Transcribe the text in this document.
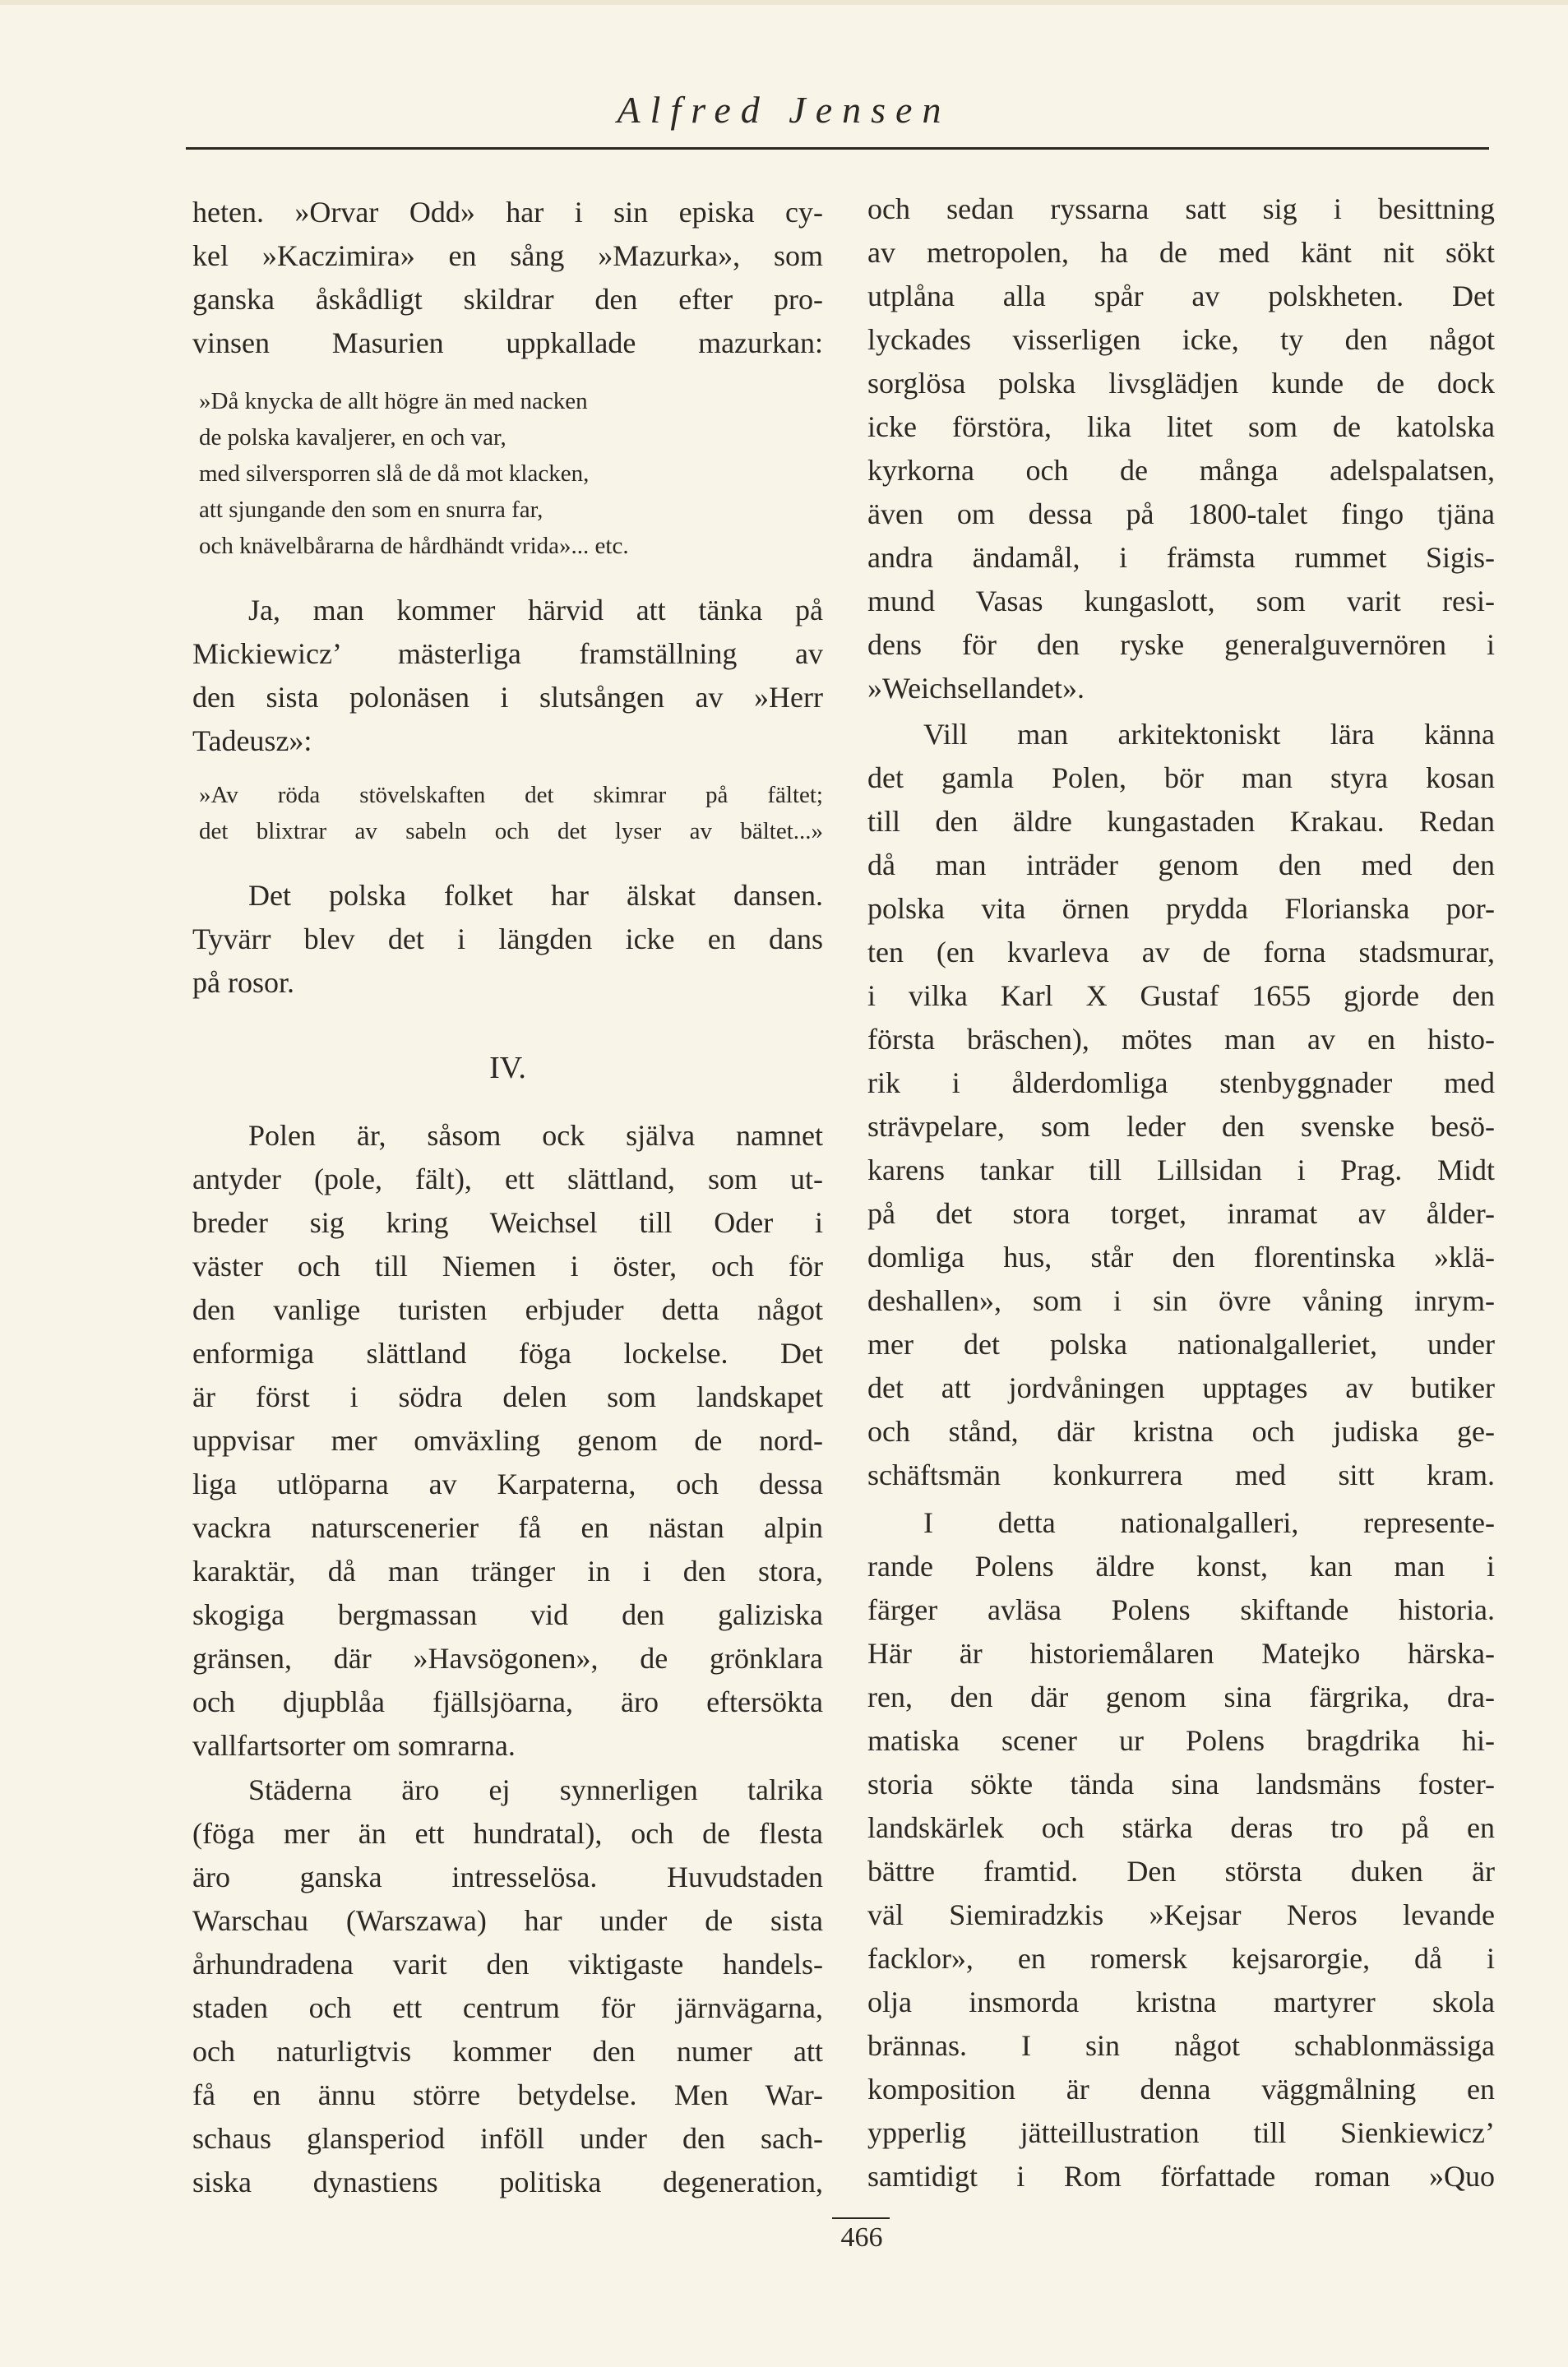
Alfred Jensen
heten. »Orvar Odd» har i sin episka cy-
kel »Kaczimira» en sång »Mazurka», som
ganska åskådligt skildrar den efter pro-
vinsen Masurien uppkallade mazurkan:
»Då knycka de allt högre än med nacken
de polska kavaljerer, en och var,
med silversporren slå de då mot klacken,
att sjungande den som en snurra far,
och knävelbårarna de hårdhändt vrida»... etc.
Ja, man kommer härvid att tänka på
Mickiewicz’ mästerliga framställning av
den sista polonäsen i slutsången av »Herr
Tadeusz»:
»Av röda stövelskaften det skimrar på fältet;
det blixtrar av sabeln och det lyser av bältet...»
Det polska folket har älskat dansen.
Tyvärr blev det i längden icke en dans
på rosor.
IV.
Polen är, såsom ock själva namnet
antyder (pole, fält), ett slättland, som ut-
breder sig kring Weichsel till Oder i
väster och till Niemen i öster, och för
den vanlige turisten erbjuder detta något
enformiga slättland föga lockelse. Det
är först i södra delen som landskapet
uppvisar mer omväxling genom de nord-
liga utlöparna av Karpaterna, och dessa
vackra naturscenerier få en nästan alpin
karaktär, då man tränger in i den stora,
skogiga bergmassan vid den galiziska
gränsen, där »Havsögonen», de grönklara
och djupblåa fjällsjöarna, äro eftersökta
vallfartsorter om somrarna.
Städerna äro ej synnerligen talrika
(föga mer än ett hundratal), och de flesta
äro ganska intresselösa. Huvudstaden
Warschau (Warszawa) har under de sista
århundradena varit den viktigaste handels-
staden och ett centrum för järnvägarna,
och naturligtvis kommer den numer att
få en ännu större betydelse. Men War-
schaus glansperiod inföll under den sach-
siska dynastiens politiska degeneration,
och sedan ryssarna satt sig i besittning
av metropolen, ha de med känt nit sökt
utplåna alla spår av polskheten. Det
lyckades visserligen icke, ty den något
sorglösa polska livsglädjen kunde de dock
icke förstöra, lika litet som de katolska
kyrkorna och de många adelspalatsen,
även om dessa på 1800-talet fingo tjäna
andra ändamål, i främsta rummet Sigis-
mund Vasas kungaslott, som varit resi-
dens för den ryske generalguvernören i
»Weichsellandet».
Vill man arkitektoniskt lära känna
det gamla Polen, bör man styra kosan
till den äldre kungastaden Krakau. Redan
då man inträder genom den med den
polska vita örnen prydda Florianska por-
ten (en kvarleva av de forna stadsmurar,
i vilka Karl X Gustaf 1655 gjorde den
första bräschen), mötes man av en histo-
rik i ålderdomliga stenbyggnader med
strävpelare, som leder den svenske besö-
karens tankar till Lillsidan i Prag. Midt
på det stora torget, inramat av ålder-
domliga hus, står den florentinska »klä-
deshallen», som i sin övre våning inrym-
mer det polska nationalgalleriet, under
det att jordvåningen upptages av butiker
och stånd, där kristna och judiska ge-
schäftsmän konkurrera med sitt kram.
I detta nationalgalleri, represente-
rande Polens äldre konst, kan man i
färger avläsa Polens skiftande historia.
Här är historiemålaren Matejko härska-
ren, den där genom sina färgrika, dra-
matiska scener ur Polens bragdrika hi-
storia sökte tända sina landsmäns foster-
landskärlek och stärka deras tro på en
bättre framtid. Den största duken är
väl Siemiradzkis »Kejsar Neros levande
facklor», en romersk kejsarorgie, då i
olja insmorda kristna martyrer skola
brännas. I sin något schablonmässiga
komposition är denna väggmålning en
ypperlig jätteillustration till Sienkiewicz’
samtidigt i Rom författade roman »Quo
466
